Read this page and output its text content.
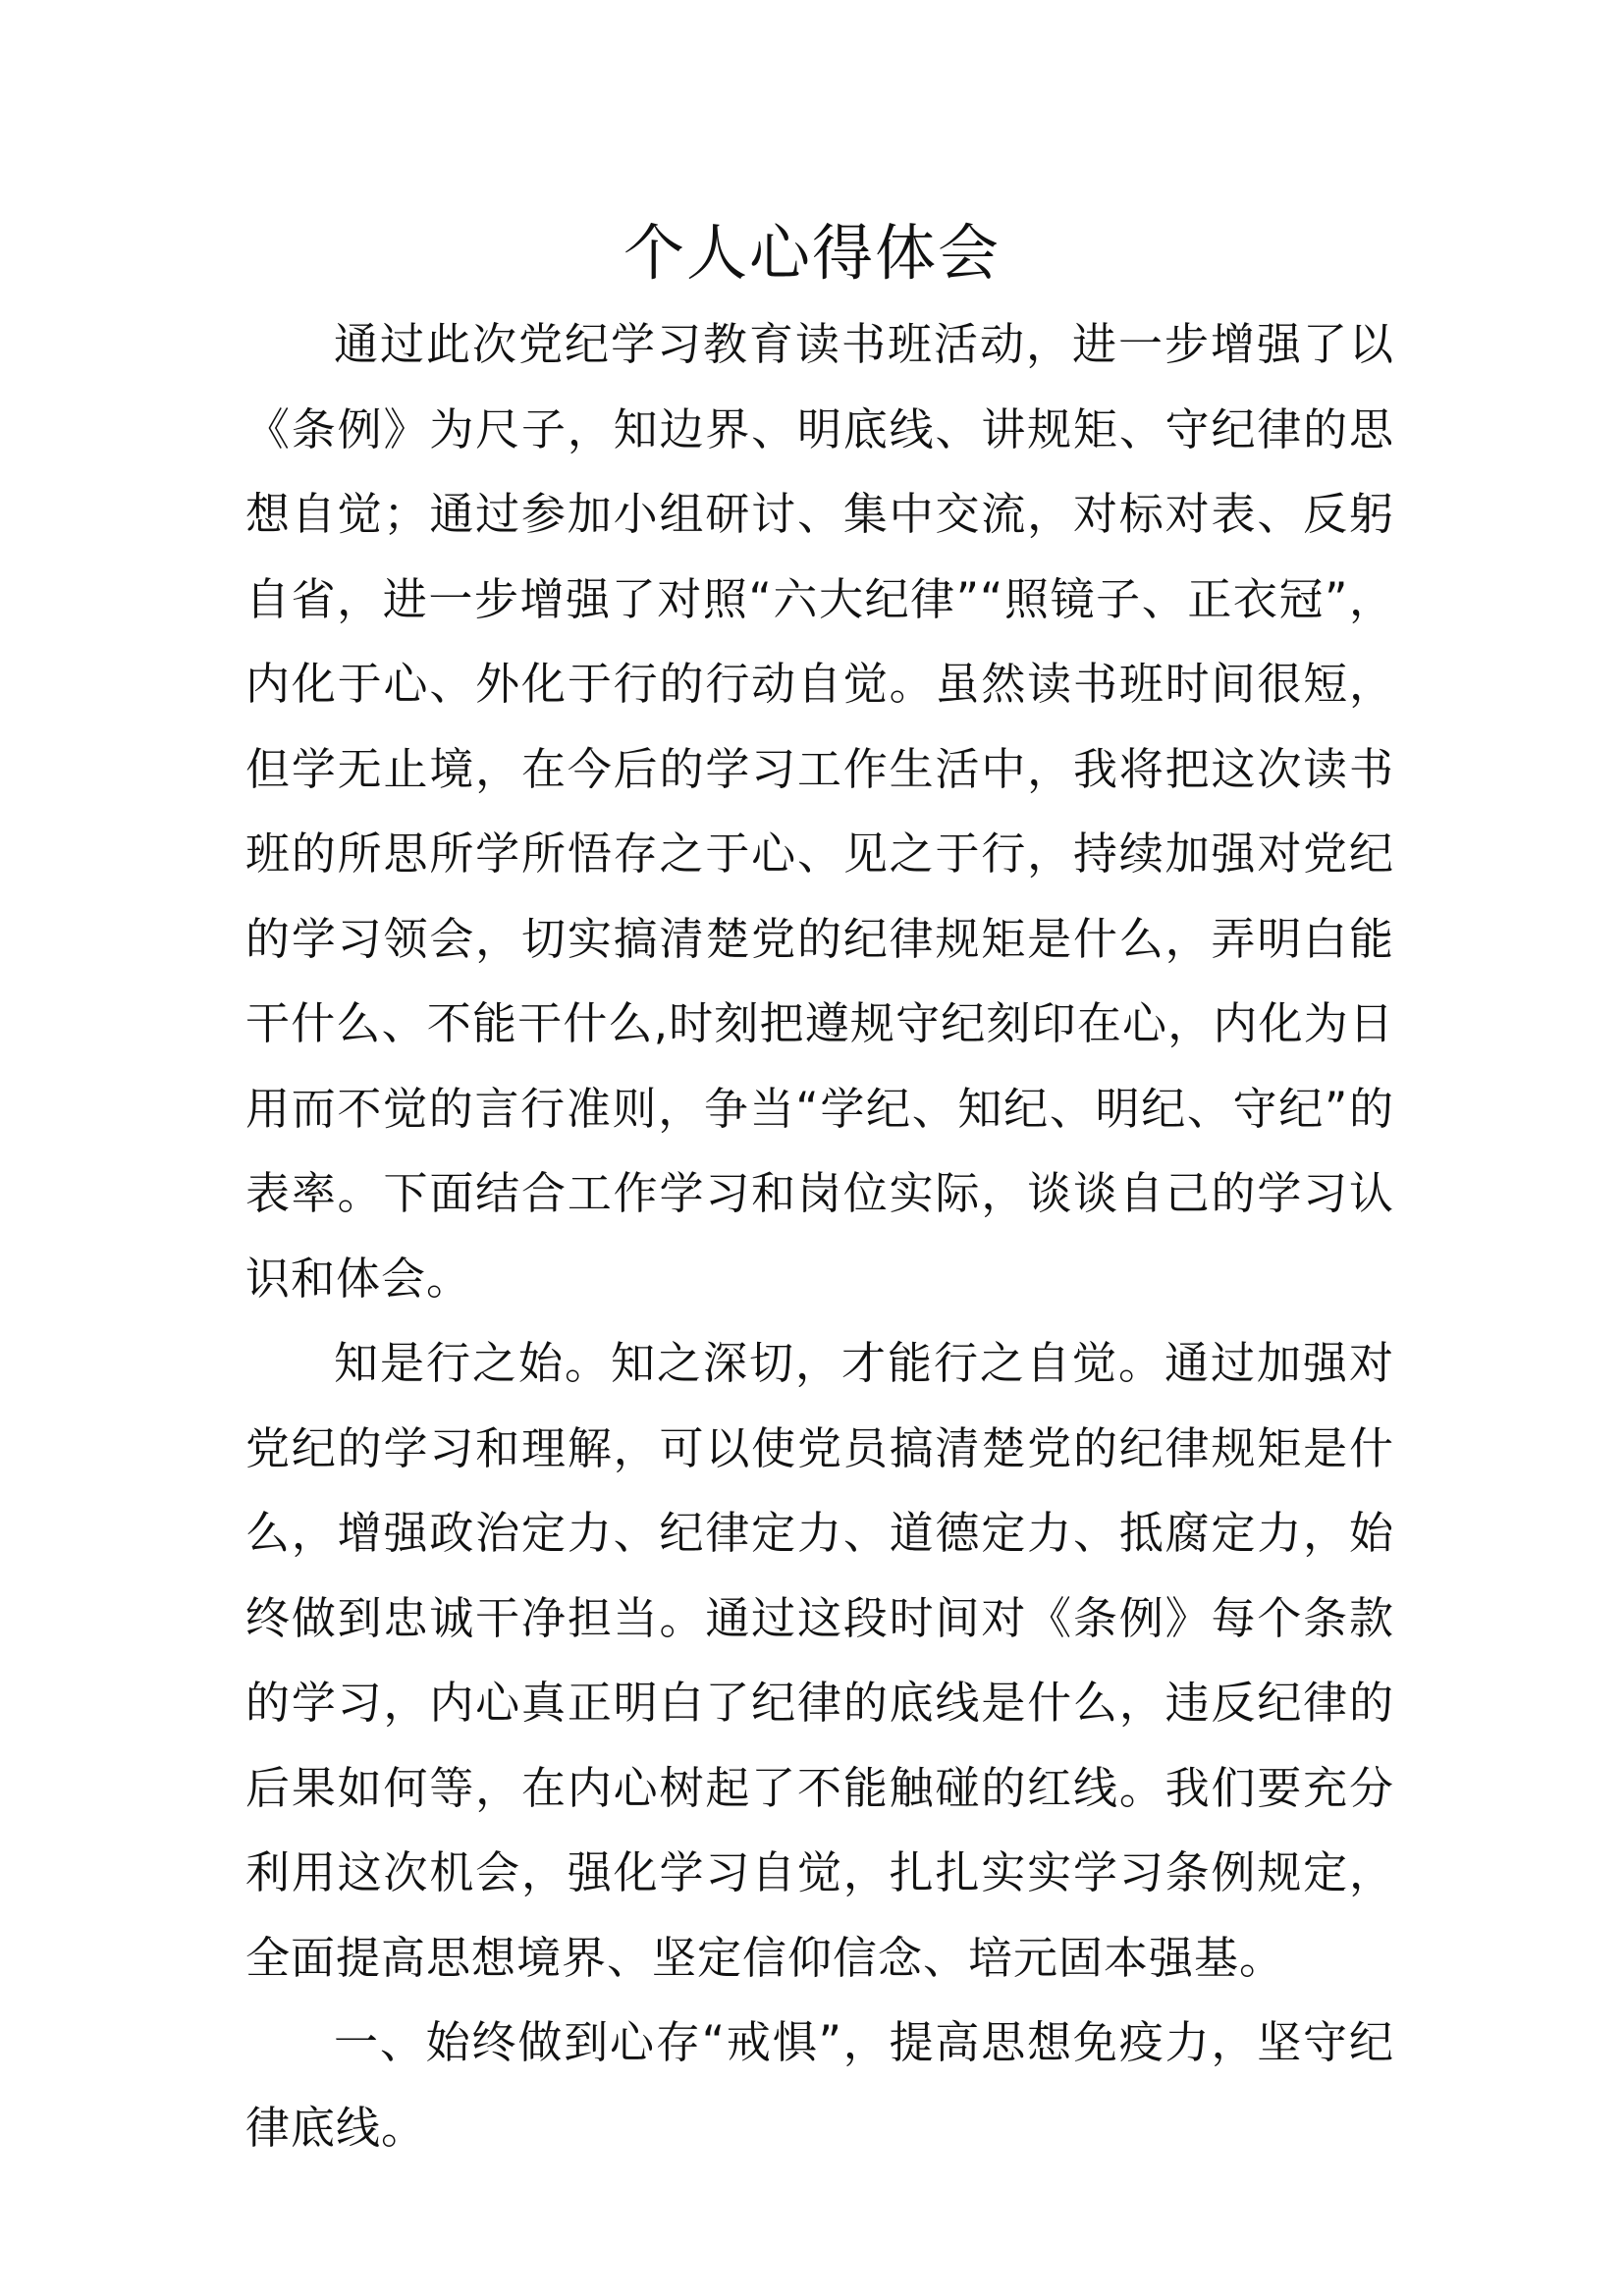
个人心得体会

通过此次党纪学习教育读书班活动，进一步增强了以《条例》为尺子，知边界、明底线、讲规矩、守纪律的思想自觉；通过参加小组研讨、集中交流，对标对表、反躬自省，进一步增强了对照“六大纪律”“照镜子、正衣冠”，内化于心、外化于行的行动自觉。虽然读书班时间很短，但学无止境，在今后的学习工作生活中，我将把这次读书班的所思所学所悟存之于心、见之于行，持续加强对党纪的学习领会，切实搞清楚党的纪律规矩是什么，弄明白能干什么、不能干什么,时刻把遵规守纪刻印在心，内化为日用而不觉的言行准则，争当“学纪、知纪、明纪、守纪”的表率。下面结合工作学习和岗位实际，谈谈自己的学习认识和体会。

知是行之始。知之深切，才能行之自觉。通过加强对党纪的学习和理解，可以使党员搞清楚党的纪律规矩是什么，增强政治定力、纪律定力、道德定力、抵腐定力，始终做到忠诚干净担当。通过这段时间对《条例》每个条款的学习，内心真正明白了纪律的底线是什么，违反纪律的后果如何等，在内心树起了不能触碰的红线。我们要充分利用这次机会，强化学习自觉，扎扎实实学习条例规定，全面提高思想境界、坚定信仰信念、培元固本强基。

一、始终做到心存“戒惧”，提高思想免疫力，坚守纪律底线。
